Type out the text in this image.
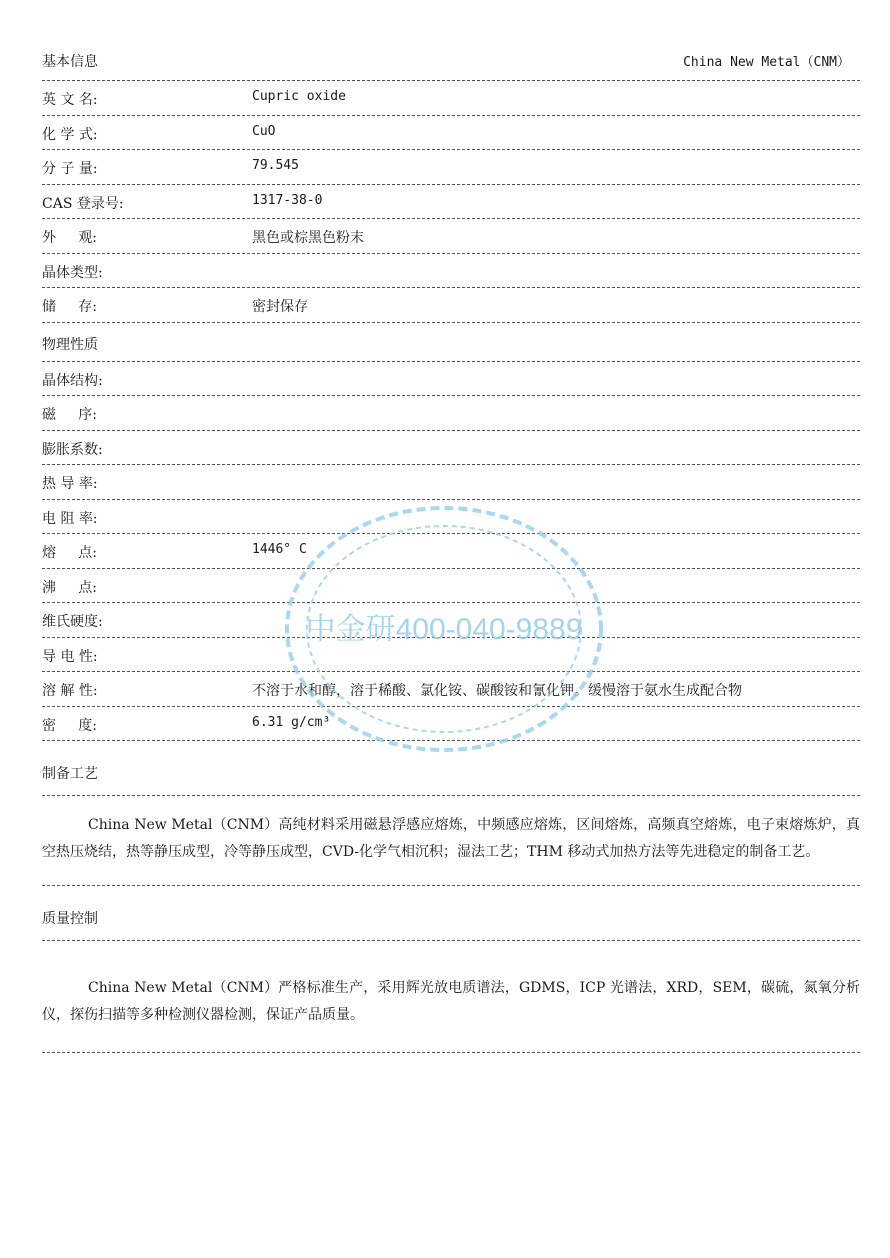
基本信息	China New Metal（CNM）
英 文 名:	Cupric oxide
化 学 式:	CuO
分 子 量:	79.545
CAS 登录号:	1317-38-0
外     观:	黑色或棕黑色粉末
晶体类型:
储     存:	密封保存
物理性质
晶体结构:
磁     序:
膨胀系数:
热 导 率:
电 阻 率:
熔     点:	1446° C
沸     点:
维氏硬度:
导 电 性:
溶 解 性:	不溶于水和醇，溶于稀酸、氯化铵、碳酸铵和氰化钾。缓慢溶于氨水生成配合物
密     度:	6.31 g/cm³
制备工艺

China New Metal（CNM）高纯材料采用磁悬浮感应熔炼，中频感应熔炼，区间熔炼，高频真空熔炼，电子束熔炼炉，真空热压烧结，热等静压成型，冷等静压成型，CVD-化学气相沉积；湿法工艺；THM 移动式加热方法等先进稳定的制备工艺。

质量控制

China New Metal（CNM）严格标准生产，采用辉光放电质谱法，GDMS，ICP 光谱法，XRD，SEM，碳硫，氮氧分析仪，探伤扫描等多种检测仪器检测，保证产品质量。

中金研400-040-9889
